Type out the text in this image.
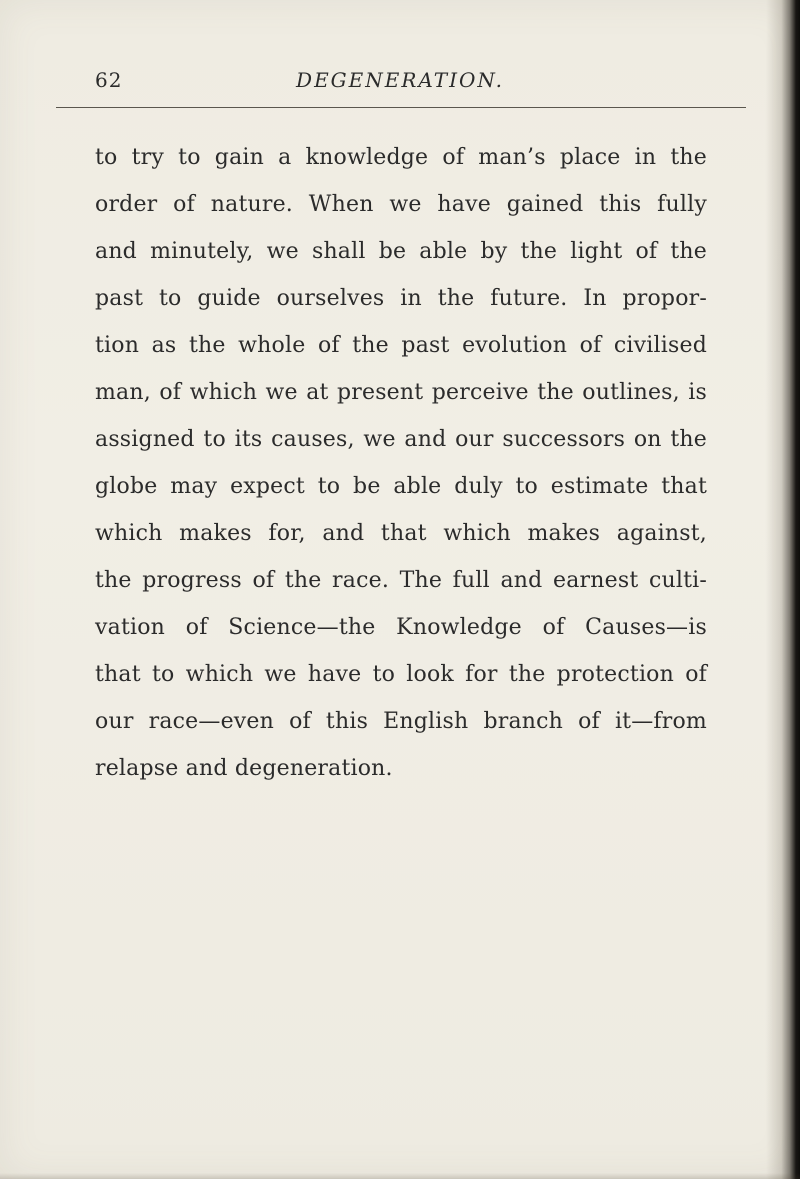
62	DEGENERATION.
to try to gain a knowledge of man’s place in the
order of nature. When we have gained this fully
and minutely, we shall be able by the light of the
past to guide ourselves in the future. In propor-
tion as the whole of the past evolution of civilised
man, of which we at present perceive the outlines, is
assigned to its causes, we and our successors on the
globe may expect to be able duly to estimate that
which makes for, and that which makes against,
the progress of the race. The full and earnest culti-
vation of Science—the Knowledge of Causes—is
that to which we have to look for the protection of
our race—even of this English branch of it—from
relapse and degeneration.
